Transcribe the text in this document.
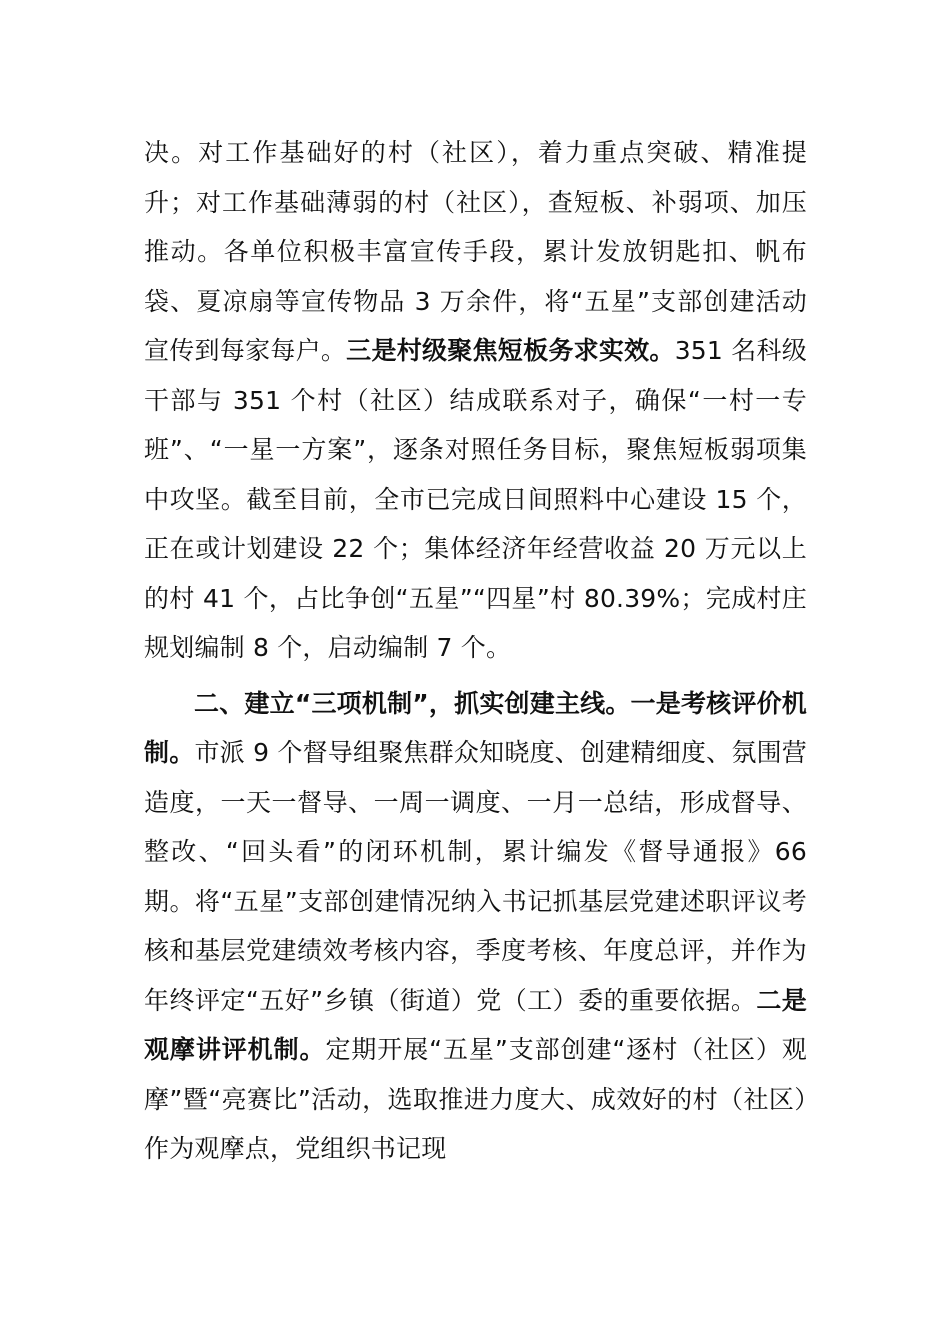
决。对工作基础好的村（社区），着力重点突破、精准提升；对工作基础薄弱的村（社区），查短板、补弱项、加压推动。各单位积极丰富宣传手段，累计发放钥匙扣、帆布袋、夏凉扇等宣传物品 3 万余件，将“五星”支部创建活动宣传到每家每户。三是村级聚焦短板务求实效。351 名科级干部与 351 个村（社区）结成联系对子，确保“一村一专班”、“一星一方案”，逐条对照任务目标，聚焦短板弱项集中攻坚。截至目前，全市已完成日间照料中心建设 15 个，正在或计划建设 22 个；集体经济年经营收益 20 万元以上的村 41 个，占比争创“五星”“四星”村 80.39%；完成村庄规划编制 8 个，启动编制 7 个。

二、建立“三项机制”，抓实创建主线。一是考核评价机制。市派 9 个督导组聚焦群众知晓度、创建精细度、氛围营造度，一天一督导、一周一调度、一月一总结，形成督导、整改、“回头看”的闭环机制，累计编发《督导通报》66 期。将“五星”支部创建情况纳入书记抓基层党建述职评议考核和基层党建绩效考核内容，季度考核、年度总评，并作为年终评定“五好”乡镇（街道）党（工）委的重要依据。二是观摩讲评机制。定期开展“五星”支部创建“逐村（社区）观摩”暨“亮赛比”活动，选取推进力度大、成效好的村（社区）作为观摩点，党组织书记现
